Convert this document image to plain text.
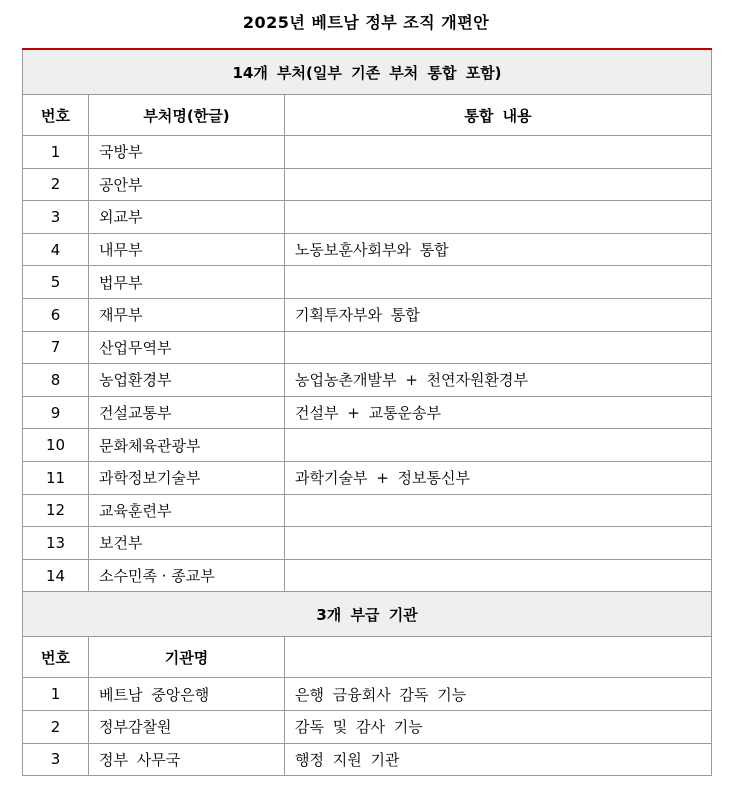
2025년 베트남 정부 조직 개편안
14개 부처(일부 기존 부처 통합 포함)		
번호	부처명(한글)	통합 내용
1	국방부	
2	공안부	
3	외교부	
4	내무부	노동보훈사회부와 통합
5	법무부	
6	재무부	기획투자부와 통합
7	산업무역부	
8	농업환경부	농업농촌개발부 + 천연자원환경부
9	건설교통부	건설부 + 교통운송부
10	문화체육관광부	
11	과학정보기술부	과학기술부 + 정보통신부
12	교육훈련부	
13	보건부	
14	소수민족 · 종교부	
3개 부급 기관		
번호	기관명	
1	베트남 중앙은행	은행 금융회사 감독 기능
2	정부감찰원	감독 및 감사 기능
3	정부 사무국	행정 지원 기관
